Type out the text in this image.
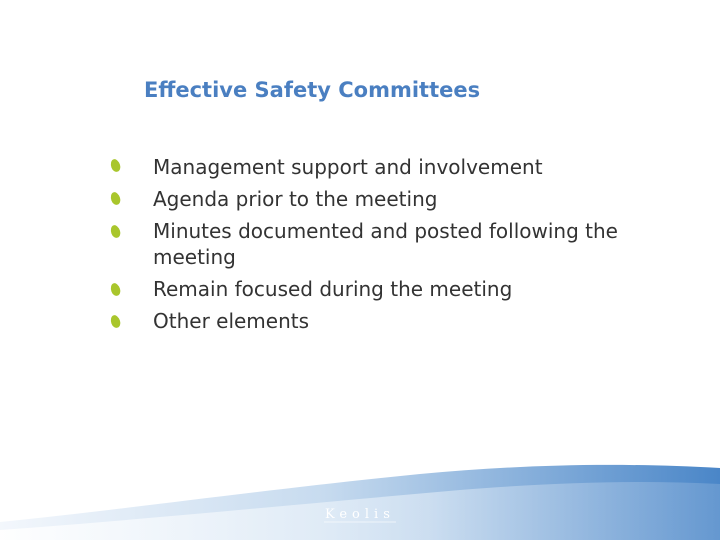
Effective Safety Committees
Management support and involvement
Agenda prior to the meeting
Minutes documented and posted following the meeting
Remain focused during the meeting
Other elements
Keolis
